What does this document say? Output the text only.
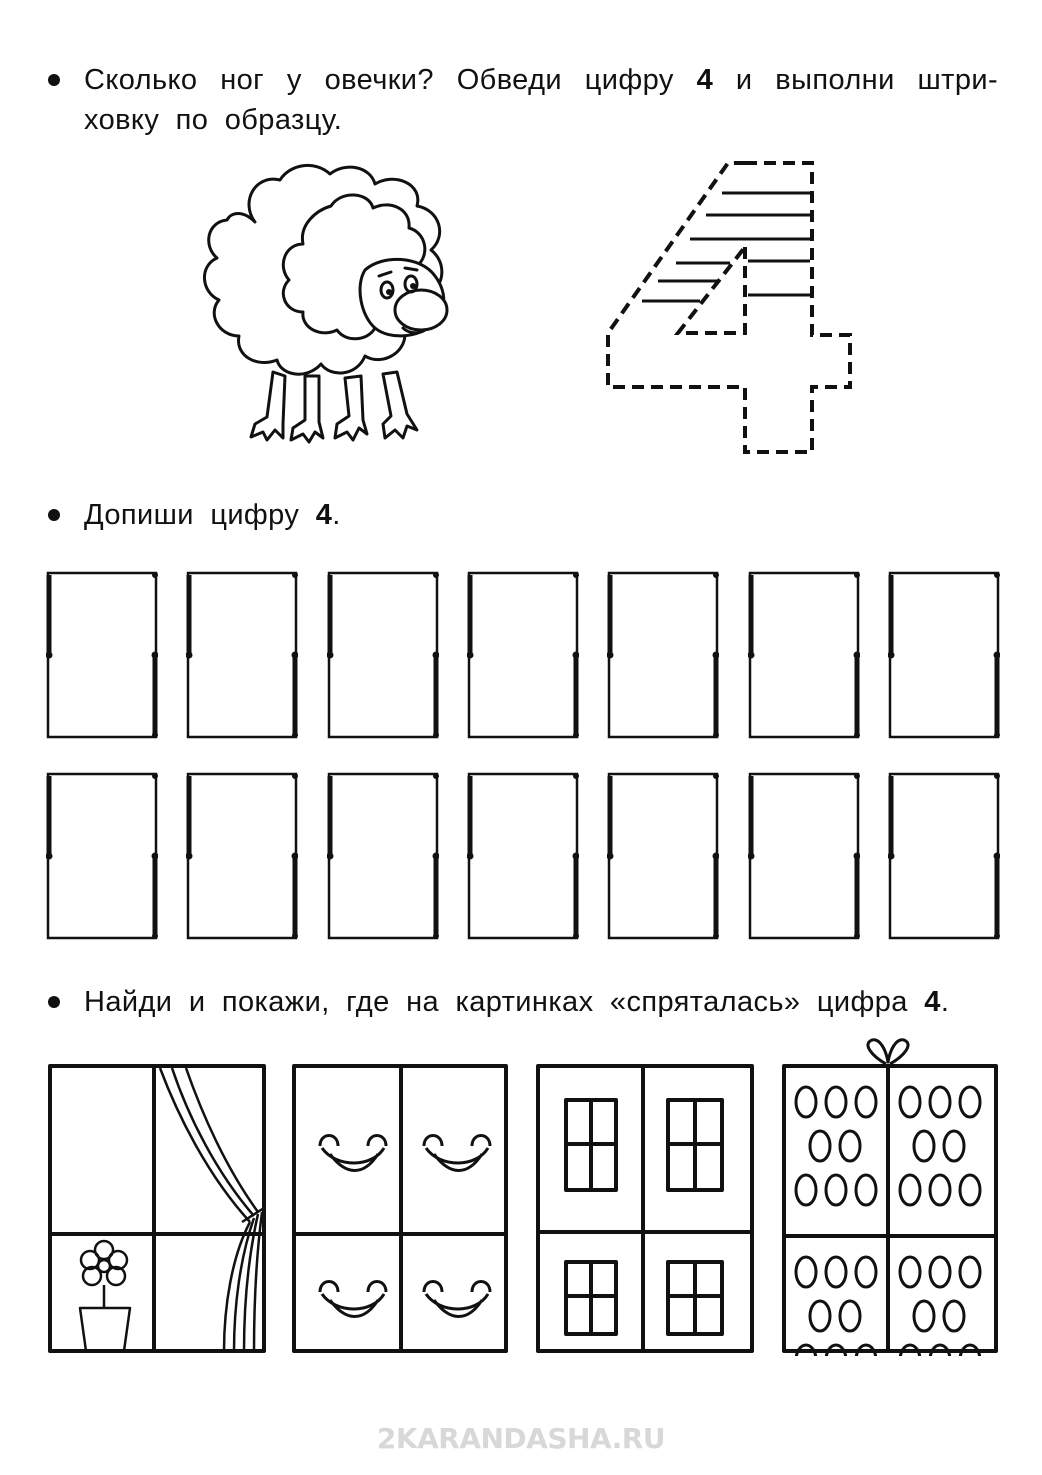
Сколько ног у овечки? Обведи цифру 4 и выполни штри-ховку по образцу.
Допиши цифру 4.
Найди и покажи, где на картинках «спряталась» цифра 4.
2KARANDASHA.RU
